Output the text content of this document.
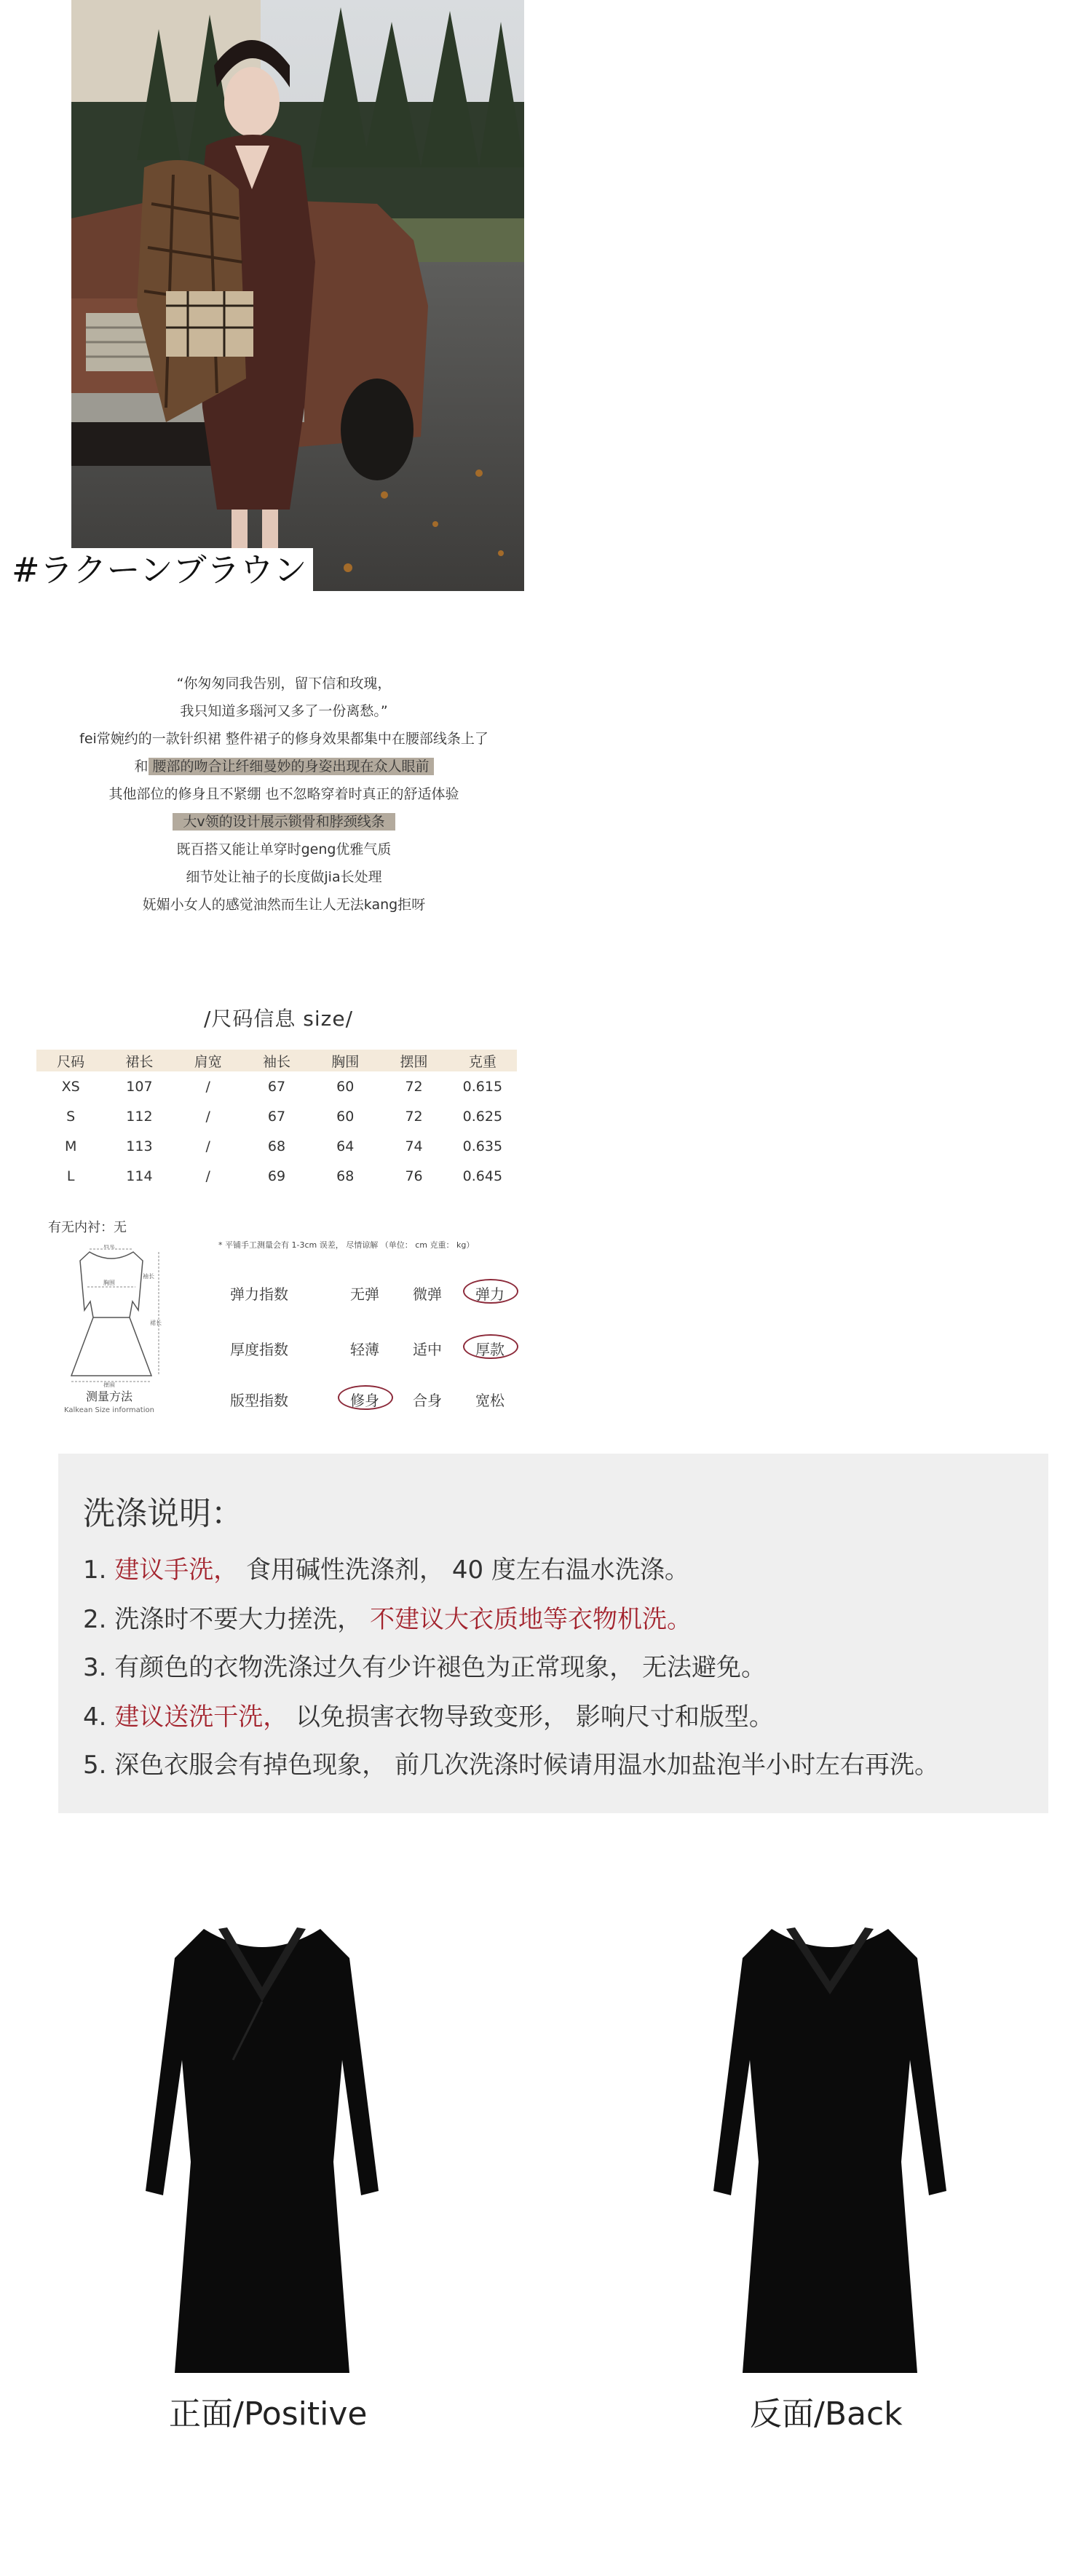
#ラクーンブラウン
“你匆匆同我告别，留下信和玫瑰，
我只知道多瑙河又多了一份离愁。”
fei常婉约的一款针织裙 整件裙子的修身效果都集中在腰部线条上了
和 腰部的吻合让纤细曼妙的身姿出现在众人眼前
其他部位的修身且不紧绷 也不忽略穿着时真正的舒适体验
大v领的设计展示锁骨和脖颈线条
既百搭又能让单穿时geng优雅气质
细节处让袖子的长度做jia长处理
妩媚小女人的感觉油然而生让人无法kang拒呀
/尺码信息 size/
尺码	裙长	肩宽	袖长	胸围	摆围	克重
XS	107	/	67	60	72	0.615
S	112	/	67	60	72	0.625
M	113	/	68	64	74	0.635
L	114	/	69	68	76	0.645
有无内衬：无
* 平铺手工测量会有 1-3cm 误差， 尽情谅解 （单位： cm 克重： kg）
肩宽
胸围
袖长
裙长
摆围
测量方法
Kalkean Size information
弹力指数	无弹	微弹	弹力
厚度指数	轻薄	适中	厚款
版型指数	修身	合身	宽松
洗涤说明：
1. 建议手洗， 食用碱性洗涤剂， 40 度左右温水洗涤。
2. 洗涤时不要大力搓洗， 不建议大衣质地等衣物机洗。
3. 有颜色的衣物洗涤过久有少许褪色为正常现象， 无法避免。
4. 建议送洗干洗， 以免损害衣物导致变形， 影响尺寸和版型。
5. 深色衣服会有掉色现象， 前几次洗涤时候请用温水加盐泡半小时左右再洗。
正面/Positive	反面/Back
